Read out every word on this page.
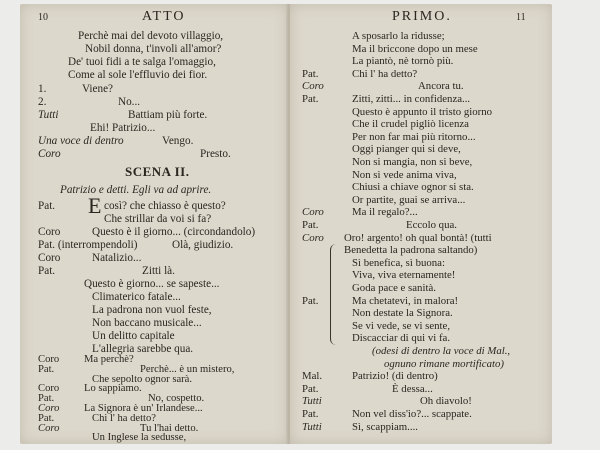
10	ATTO
Perchè mai del devoto villaggio,
Nobil donna, t'involi all'amor?
De' tuoi fidi a te salga l'omaggio,
Come al sole l'effluvio dei fior.
1.	Viene?
2.	No...
Tutti	Battiam più forte.
Ehi! Patrizio...
Una voce di dentro	Vengo.
Coro	Presto.
SCENA II.
Patrizio e detti. Egli va ad aprire.
E
Pat.	così? che chiasso è questo?
Che strillar da voi si fa?
Coro	Questo è il giorno... (circondandolo)
Pat. (interrompendoli)	Olà, giudizio.
Coro	Natalizio...
Pat.	Zitti là.
Questo è giorno... se sapeste...
Climaterico fatale...
La padrona non vuol feste,
Non baccano musicale...
Un delitto capitale
L'allegria sarebbe qua.
PRIMO.	11
Coro Ma perchè?
Pat.	Perchè... è un mistero,
Che sepolto ognor sarà.
Coro Lo sappiamo.
Pat.	No, cospetto.
Coro La Signora è un' Irlandese...
Pat.	Chi l' ha detto?
Coro	Tu l'hai detto.
Un Inglese la sedusse,
A sposarlo la ridusse;
Ma il briccone dopo un mese
La piantò, nè tornò più.
Pat.	Chi l' ha detto?
Coro	Ancora tu.
Pat.	Zitti, zitti... in confidenza...
Questo è appunto il tristo giorno
Che il crudel pigliò licenza
Per non far mai più ritorno...
Oggi pianger qui si deve,
Non si mangia, non si beve,
Non si vede anima viva,
Chiusi a chiave ognor si sta.
Or partite, guai se arriva...
Coro	Ma il regalo?...
Pat.	Eccolo qua.
Coro Oro! argento! oh qual bontà! (tutti
Benedetta la padrona saltando)
Sì benefica, sì buona:
Viva, viva eternamente!
Goda pace e sanità.
Pat.	Ma chetatevi, in malora!
Non destate la Signora.
Se vi vede, se vi sente,
Discacciar di qui vi fa.
(odesi di dentro la voce di Mal.,
ognuno rimane mortificato)
Mal.	Patrizio! (di dentro)
Pat.	È dessa...
Tutti	Oh diavolo!
Pat.	Non vel diss'io?... scappate.
Tutti	Sì, scappiam....
